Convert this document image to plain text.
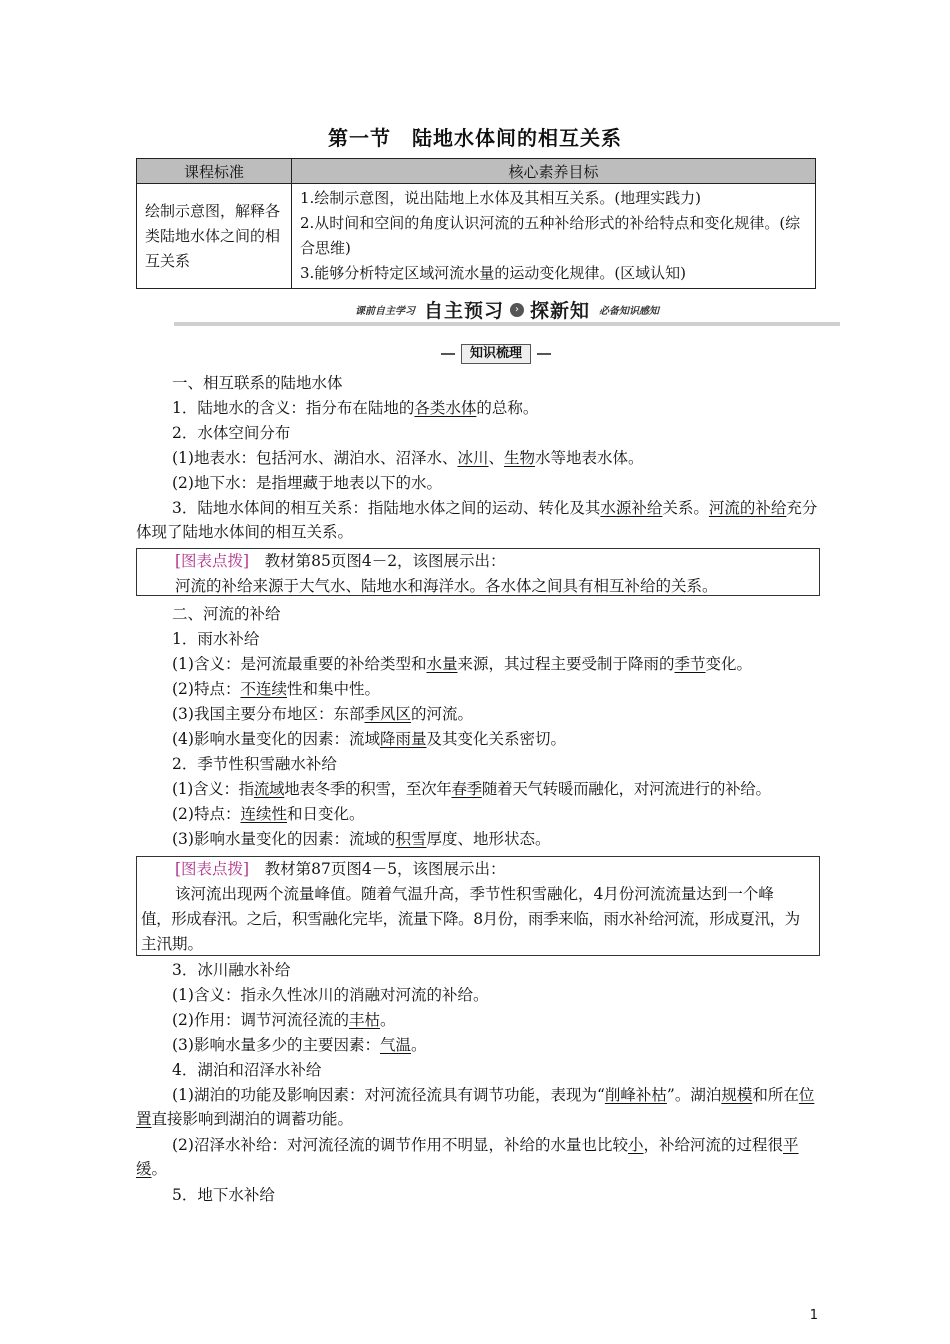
第一节　陆地水体间的相互关系
课程标准	核心素养目标
绘制示意图，解释各类陆地水体之间的相互关系	1.绘制示意图，说出陆地上水体及其相互关系。(地理实践力)
2.从时间和空间的角度认识河流的五种补给形式的补给特点和变化规律。(综合思维)
3.能够分析特定区域河流水量的运动变化规律。(区域认知)
课前自主学习 自主预习 › 探新知 必备知识感知
知识梳理
一、相互联系的陆地水体
1．陆地水的含义：指分布在陆地的各类水体的总称。
2．水体空间分布
(1)地表水：包括河水、湖泊水、沼泽水、冰川、生物水等地表水体。
(2)地下水：是指埋藏于地表以下的水。
3．陆地水体间的相互关系：指陆地水体之间的运动、转化及其水源补给关系。河流的补给充分体现了陆地水体间的相互关系。
[图表点拨]　教材第85页图4－2，该图展示出：
河流的补给来源于大气水、陆地水和海洋水。各水体之间具有相互补给的关系。
二、河流的补给
1．雨水补给
(1)含义：是河流最重要的补给类型和水量来源，其过程主要受制于降雨的季节变化。
(2)特点：不连续性和集中性。
(3)我国主要分布地区：东部季风区的河流。
(4)影响水量变化的因素：流域降雨量及其变化关系密切。
2．季节性积雪融水补给
(1)含义：指流域地表冬季的积雪，至次年春季随着天气转暖而融化，对河流进行的补给。
(2)特点：连续性和日变化。
(3)影响水量变化的因素：流域的积雪厚度、地形状态。
[图表点拨]　教材第87页图4－5，该图展示出：
该河流出现两个流量峰值。随着气温升高，季节性积雪融化，4月份河流流量达到一个峰
值，形成春汛。之后，积雪融化完毕，流量下降。8月份，雨季来临，雨水补给河流，形成夏汛，为
主汛期。
3．冰川融水补给
(1)含义：指永久性冰川的消融对河流的补给。
(2)作用：调节河流径流的丰枯。
(3)影响水量多少的主要因素：气温。
4．湖泊和沼泽水补给
(1)湖泊的功能及影响因素：对河流径流具有调节功能，表现为“削峰补枯”。湖泊规模和所在位置直接影响到湖泊的调蓄功能。
(2)沼泽水补给：对河流径流的调节作用不明显，补给的水量也比较小，补给河流的过程很平缓。
5．地下水补给
1
